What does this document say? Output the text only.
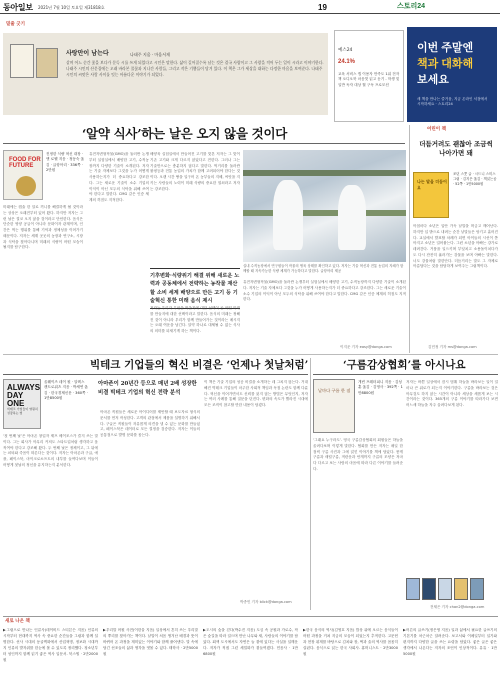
동아일보 2021년 7월 10일 토요일 제31818호	19	스토리24
밑줄 긋기
사랑만이 남는다	나태주 지음 · 마음서재
살며 어느 순간 꽃을 보다가 문득 시를 쓰게 되었다고 시인은 말한다. 삶이 길어질수록 남는 것은 결국 사랑이고 그 사랑을 적어 두는 일이 시라고 이야기한다. 나태주 시인의 산문집에는 오래 바라본 풀꽃과 지나간 사람들, 그리고 작은 기쁨들이 담겨 있다. 이 책은 그가 세상을 대하는 다정한 마음을 보여준다. 나태주 시인의 씨앗은 사람 사이를 잇는 아름다운 이야기가 되었다.
예스24
24.1%
교육 서비스 앱 이용자 만족도 1위 전자책 오디오북 마음껏 읽고 듣기 - 학생 및 일반 독자 대상 월 구독 프로모션
이번 주말엔
책과 대화해
보세요
새 책을 만나는 즐거움, 지금 온라인 서점에서 시작하세요 · 스토리24
‘알약 식사’하는 날은 오지 않을 것이다
FOOD FOR FUTURE
진정한 식량 혁신 대장 · 앤 로웰 지음 · 정동숙 옮김 · 글항아리 · 336쪽 · 2만원
미래에는 캡슐 한 알로 끼니를 해결하게 될 것이라는 상상은 오래전부터 있어 왔다. 하지만 저자는 그런 날은 결코 오지 않을 것이라고 단언한다. 음식은 단순한 영양 공급이 아니라 문화이자 관계이며, 인간은 먹는 행위를 통해 기억과 정체성을 이어가기 때문이다. 저자는 세계 곳곳의 농장과 연구소, 시장과 식탁을 찾아다니며 미래의 식량이 어떤 모습이 될지를 탐구한다.
유전자변형작물(GMO)을 둘러싼 논쟁부터 실험실에서 배양한 고기, 수직농장까지 다양한 기술이 소개된다. 저자는 기술 자체보다 그것을 누가 어떻게 사용하는지가 더 중요하다고 강조한다. 그는 새로운 기술이 소수 기업의 이익이 아닌 모두의 식탁을 위해 쓰여야 한다고 말한다. CMG 같은 인증 체계의 허점도 지적한다.
배양육 실험실에서 만들어진 고기를 맛본 저자는 그 맛이 기존 고기와 크게 다르지 않았다고 전한다. 그러나 그는 기술만으로는 충분하지 않다고 말한다. 먹거리를 둘러싼 불평등과 전통 농업의 가치가 함께 고려되어야 한다는 것이다. 오랜 시간 땅을 일구어 온 농부들의 지혜, 씨앗을 지키는 사람들의 노력이 미래 식량의 중요한 열쇠라고 저자는 강조한다.
기후변화·식량위기 해결 위해 새로운 노력과 공동체에서 전략하는 농작물 재산할 소비 세계 배양으로 만든 고기 등 기술혁신 통한 미래 음식 제시
저자는 우리가 무엇을 먹을지에 대한 선택이 곧 어떤 미래를 만들지에 대한 선택이라고 말한다. 음식의 미래는 정해진 것이 아니라 우리가 함께 만들어가는 것이라는 메시지는 오래 여운을 남긴다. 알약 하나로 대체될 수 없는 식사의 의미를 되새기게 하는 책이다.
실내 수직농장에서 연구원들이 작물의 생육 상태를 확인하고 있다. 저자는 기술 혁신과 전통 농업의 지혜가 함께할 때 지속가능한 식량 체계가 가능하다고 말한다. 글항아리 제공
유전자변형작물(GMO)을 둘러싼 논쟁부터 실험실에서 배양한 고기, 수직농장까지 다양한 기술이 소개된다. 저자는 기술 자체보다 그것을 누가 어떻게 사용하는지가 더 중요하다고 강조한다. 그는 새로운 기술이 소수 기업의 이익이 아닌 모두의 식탁을 위해 쓰여야 한다고 말한다. CMG 같은 인증 체계의 허점도 지적한다.
이지운 기자 easy@donga.com
어린이 책
더듬거려도 괜찮아 조금씩 나아가면 돼
나는 말을 더듬어요
조던 스콧 글 · 시드니 스미스 그림 · 김지은 옮김 · 책읽는곰 · 52쪽 · 1만5000원
아침마다 소년은 입안 가득 낱말을 머금고 깨어난다. 하지만 입 밖으로 내려는 순간 낱말들은 엉키고 흩어진다. 교실에서 발표할 차례가 되면 아이들의 시선이 쏟아지고 소년은 얼어붙는다. 그런 소년을 아빠는 강가로 데려간다. 거품을 일으키며 부딪치고 소용돌이치다가도 다시 잔잔히 흘러가는 강물을 보며 아빠는 말한다. 너도 강물처럼 말한단다. 더듬거리는 말도 그 자체로 아름답다는 것을 담담하게 보여주는 그림책이다.
김민정 기자 ms@donga.com
빅테크 기업들의 혁신 비결은 ‘언제나 첫날처럼’
ALWAYS DAY ONE
빅테크 기업들이 영원히 성장하는 법
올웨이즈 데이 원 · 알렉스 캔트로위츠 지음 · 박세연 옮김 · 한국경제신문 · 360쪽 · 1만8500원
아마존이 20년간 등으로 매년 2배 성장한 비결 빅테크 기업의 혁신 전략 분석
‘첫 번째 날’은 아마존 창업자 제프 베이조스가 즐겨 쓰는 말이다. 그는 회사가 아무리 커져도 스타트업처럼 생각하고 움직여야 한다고 강조해 왔다. 두 번째 날은 정체이고, 그 뒤에는 쇠퇴와 죽음이 따른다는 것이다. 저자는 아마존과 구글, 애플, 페이스북, 마이크로소프트의 내부를 들여다보며 이들이 어떻게 첫날의 정신을 유지하는지 분석한다.
아마존 직원들은 새로운 아이디어를 제안할 때 보도자료 형식의 문서를 먼저 작성한다. 고객의 관점에서 제품을 설명하기 위해서다. 구글은 직원들이 자유롭게 의견을 낼 수 있는 문화를 만들었고, 페이스북은 데이터로 모든 결정을 검증한다. 저자는 이들의 공통점으로 발명 문화를 꼽는다.
이 책은 기술 기업의 성공 비결을 소개하는 데 그치지 않는다. 거대해진 빅테크 기업들이 마주한 사회적 책임과 독점 논란도 함께 다룬다. 혁신을 이어가면서도 신뢰를 잃지 않는 방법은 무엇인지, 저자는 여러 사례를 통해 질문을 던진다. 변화의 속도가 빨라진 시대에 모든 조직이 참고할 만한 내용이 담겼다.
박종민 기자 blick@donga.com
‘구름감상협회’를 아시나요
날마다 구름 한 점
개빈 프레터피니 지음 · 김성훈 옮김 · 김영사 · 392쪽 · 1만8800원
‘그래요 누구라도’. 영국 구름감상협회의 회원들은 하늘을 올려다보며 이렇게 말한다. 협회를 만든 저자는 매일 한 점씩 구름 사진과 그에 얽힌 이야기를 책에 담았다. 뭉게구름과 새털구름, 적란운과 안개까지 구름의 모양은 저마다 다르고 보는 사람의 마음에 따라 다른 이야기를 들려준다.
저자는 바쁜 일상에서 잠시 멈춰 하늘을 바라보는 일이 얼마나 큰 위로가 되는지 이야기한다. 구름을 바라보는 것은 아무것도 하지 않는 시간이 아니라 세상을 새롭게 보는 시간이라는 것이다. 365개의 구름 이야기를 따라가다 보면 어느새 하늘을 자주 올려다보게 된다.
전채은 기자 chan2@donga.com
새로 나온 책
▶그림으로 만나는 인류사(데이비드 스티븐슨 지음) 인류의 시작부터 현대까지 역사 속 중요한 순간들을 그림과 함께 설명한다. 선사 시대의 동굴벽화에서 산업혁명, 정보화 시대까지 인류의 발자취를 한눈에 볼 수 있도록 정리했다. 청소년부터 성인까지 함께 읽기 좋은 역사 입문서. 북스힐 · 2만2000원
▶우리말 어원 사전(이한울 지음) 일상에서 흔히 쓰는 우리말의 뿌리를 찾아가는 책이다. 낱말이 처음 생겨난 배경과 뜻이 바뀌어 온 과정을 재미있는 이야기와 함께 풀어낸다. 말 속에 담긴 선조들의 삶과 생각을 엿볼 수 있다. 태학사 · 2만5000원
▶도시의 숲을 걷다(박수진 지음) 도심 속 공원과 가로수, 작은 숲길을 따라 걸으며 만난 나무와 새, 사람들의 이야기를 담았다. 회색 도시에서도 자연은 늘 곁에 있다는 사실을 일깨운다. 저자가 직접 그린 세밀화가 곁들여졌다. 민음사 · 1만6800원
▶한국 음식의 역사(김영호 지음) 밥상 위에 오르는 음식들이 어떤 과정을 거쳐 지금의 모습이 되었는지 추적한다. 고문헌과 현장 취재를 바탕으로 김치와 장, 떡과 술의 역사를 꼼꼼히 살핀다. 음식으로 읽는 한국 사회사. 휴머니스트 · 2만3000원
▶어른의 글쓰기(정은영 지음) 일과 삶에서 필요한 글쓰기의 기본기를 차근차근 알려준다. 보고서와 이메일부터 일기와 편지까지 다양한 글을 쓰는 요령을 담았다. 좋은 글은 좋은 생각에서 나온다는 저자의 조언이 인상적이다. 유유 · 1만5000원
